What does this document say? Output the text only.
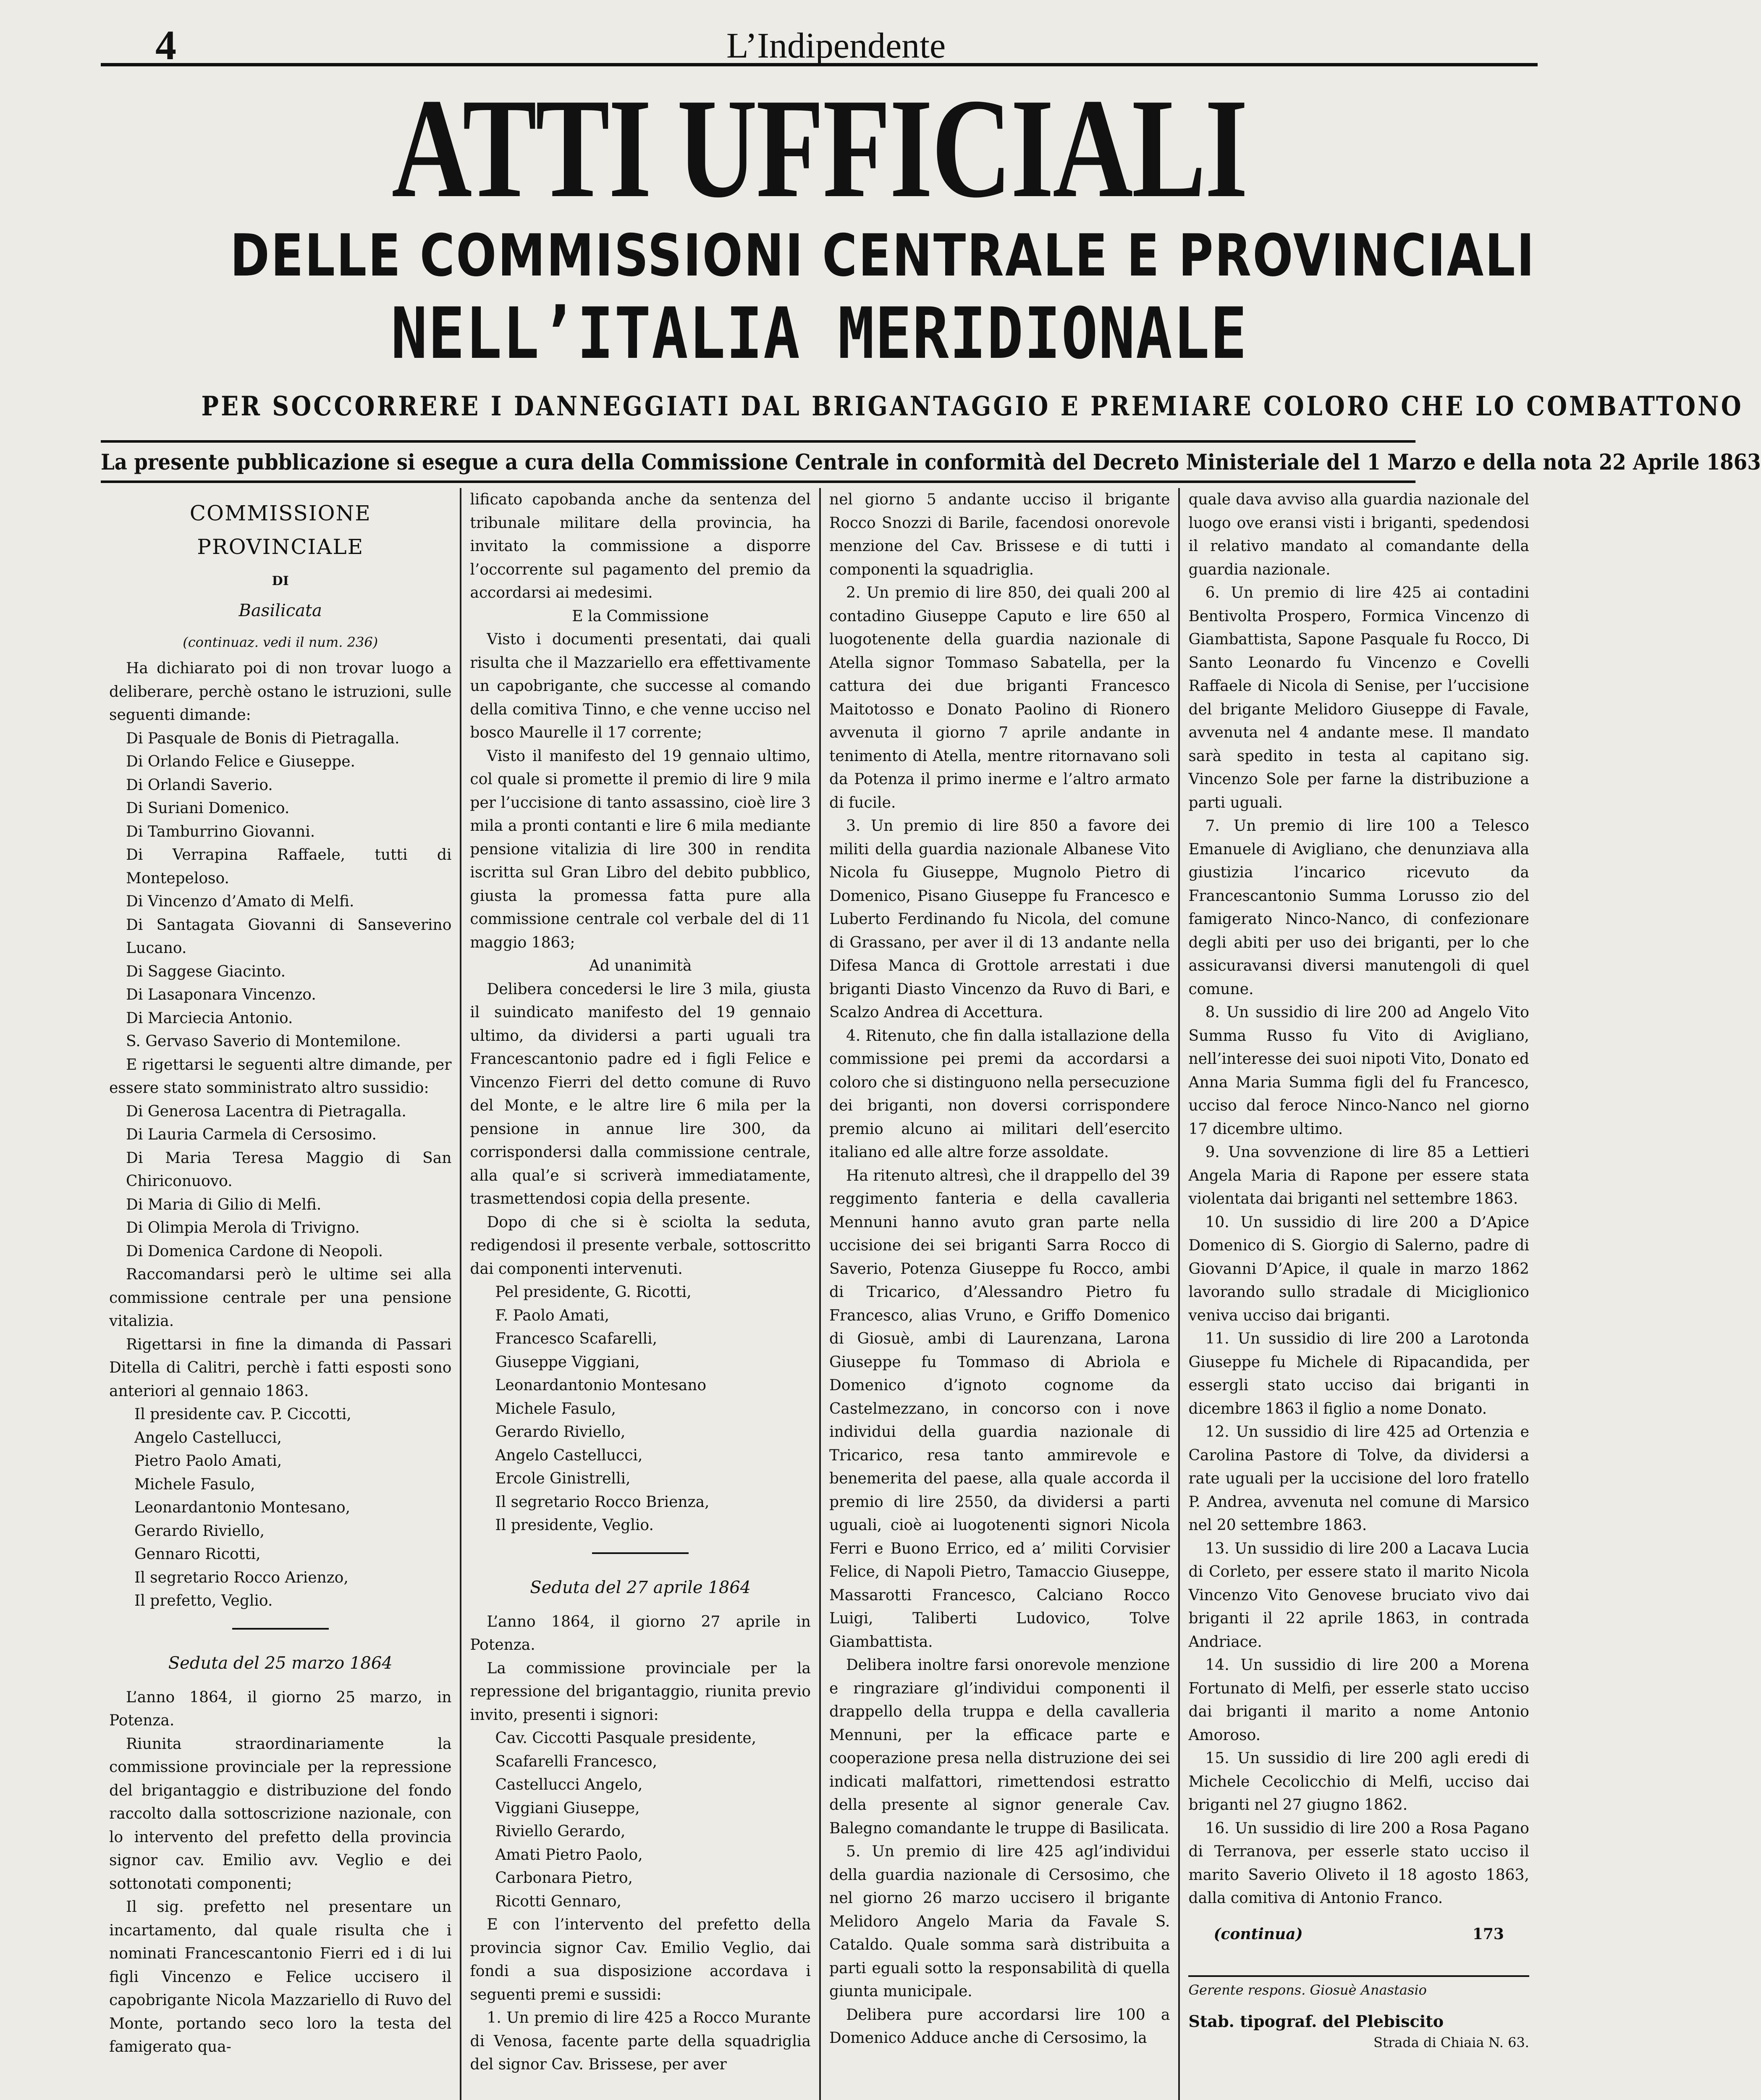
4	L’Indipendente
ATTI UFFICIALI
DELLE COMMISSIONI CENTRALE E PROVINCIALI
NELL’ITALIA MERIDIONALE
PER SOCCORRERE I DANNEGGIATI DAL BRIGANTAGGIO E PREMIARE COLORO CHE LO COMBATTONO
La presente pubblicazione si esegue a cura della Commissione Centrale in conformità del Decreto Ministeriale del 1 Marzo e della nota 22 Aprile 1863
COMMISSIONE PROVINCIALE
DI
Basilicata
(continuaz. vedi il num. 236)

Ha dichiarato poi di non trovar luogo a deliberare, perchè ostano le istruzioni, sulle seguenti dimande:

Di Pasquale de Bonis di Pietragalla.
Di Orlando Felice e Giuseppe.
Di Orlandi Saverio.
Di Suriani Domenico.
Di Tamburrino Giovanni.
Di Verrapina Raffaele, tutti di Montepeloso.
Di Vincenzo d’Amato di Melfi.
Di Santagata Giovanni di Sanseverino Lucano.
Di Saggese Giacinto.
Di Lasaponara Vincenzo.
Di Marciecia Antonio.
S. Gervaso Saverio di Montemilone.

E rigettarsi le seguenti altre dimande, per essere stato somministrato altro sussidio:

Di Generosa Lacentra di Pietragalla.
Di Lauria Carmela di Cersosimo.
Di Maria Teresa Maggio di San Chiriconuovo.
Di Maria di Gilio di Melfi.
Di Olimpia Merola di Trivigno.
Di Domenica Cardone di Neopoli.

Raccomandarsi però le ultime sei alla commissione centrale per una pensione vitalizia.

Rigettarsi in fine la dimanda di Passari Ditella di Calitri, perchè i fatti esposti sono anteriori al gennaio 1863.

Il presidente cav. P. Ciccotti,
Angelo Castellucci,
Pietro Paolo Amati,
Michele Fasulo,
Leonardantonio Montesano,
Gerardo Riviello,
Gennaro Ricotti,
Il segretario Rocco Arienzo,
Il prefetto, Veglio.
Seduta del 25 marzo 1864

L’anno 1864, il giorno 25 marzo, in Potenza.

Riunita straordinariamente la commissione provinciale per la repressione del brigantaggio e distribuzione del fondo raccolto dalla sottoscrizione nazionale, con lo intervento del prefetto della provincia signor cav. Emilio avv. Veglio e dei sottonotati componenti;

Il sig. prefetto nel presentare un incartamento, dal quale risulta che i nominati Francescantonio Fierri ed i di lui figli Vincenzo e Felice uccisero il capobrigante Nicola Mazzariello di Ruvo del Monte, portando seco loro la testa del famigerato qua-

lificato capobanda anche da sentenza del tribunale militare della provincia, ha invitato la commissione a disporre l’occorrente sul pagamento del premio da accordarsi ai medesimi.

E la Commissione

Visto i documenti presentati, dai quali risulta che il Mazzariello era effettivamente un capobrigante, che successe al comando della comitiva Tinno, e che venne ucciso nel bosco Maurelle il 17 corrente;

Visto il manifesto del 19 gennaio ultimo, col quale si promette il premio di lire 9 mila per l’uccisione di tanto assassino, cioè lire 3 mila a pronti contanti e lire 6 mila mediante pensione vitalizia di lire 300 in rendita iscritta sul Gran Libro del debito pubblico, giusta la promessa fatta pure alla commissione centrale col verbale del di 11 maggio 1863;

Ad unanimità

Delibera concedersi le lire 3 mila, giusta il suindicato manifesto del 19 gennaio ultimo, da dividersi a parti uguali tra Francescantonio padre ed i figli Felice e Vincenzo Fierri del detto comune di Ruvo del Monte, e le altre lire 6 mila per la pensione in annue lire 300, da corrispondersi dalla commissione centrale, alla qual’e si scriverà immediatamente, trasmettendosi copia della presente.

Dopo di che si è sciolta la seduta, redigendosi il presente verbale, sottoscritto dai componenti intervenuti.

Pel presidente, G. Ricotti,
F. Paolo Amati,
Francesco Scafarelli,
Giuseppe Viggiani,
Leonardantonio Montesano
Michele Fasulo,
Gerardo Riviello,
Angelo Castellucci,
Ercole Ginistrelli,
Il segretario Rocco Brienza,
Il presidente, Veglio.
Seduta del 27 aprile 1864

L’anno 1864, il giorno 27 aprile in Potenza.

La commissione provinciale per la repressione del brigantaggio, riunita previo invito, presenti i signori:

Cav. Ciccotti Pasquale presidente,
Scafarelli Francesco,
Castellucci Angelo,
Viggiani Giuseppe,
Riviello Gerardo,
Amati Pietro Paolo,
Carbonara Pietro,
Ricotti Gennaro,

E con l’intervento del prefetto della provincia signor Cav. Emilio Veglio, dai fondi a sua disposizione accordava i seguenti premi e sussidi:

1. Un premio di lire 425 a Rocco Murante di Venosa, facente parte della squadriglia del signor Cav. Brissese, per aver

nel giorno 5 andante ucciso il brigante Rocco Snozzi di Barile, facendosi onorevole menzione del Cav. Brissese e di tutti i componenti la squadriglia.

2. Un premio di lire 850, dei quali 200 al contadino Giuseppe Caputo e lire 650 al luogotenente della guardia nazionale di Atella signor Tommaso Sabatella, per la cattura dei due briganti Francesco Maitotosso e Donato Paolino di Rionero avvenuta il giorno 7 aprile andante in tenimento di Atella, mentre ritornavano soli da Potenza il primo inerme e l’altro armato di fucile.

3. Un premio di lire 850 a favore dei militi della guardia nazionale Albanese Vito Nicola fu Giuseppe, Mugnolo Pietro di Domenico, Pisano Giuseppe fu Francesco e Luberto Ferdinando fu Nicola, del comune di Grassano, per aver il di 13 andante nella Difesa Manca di Grottole arrestati i due briganti Diasto Vincenzo da Ruvo di Bari, e Scalzo Andrea di Accettura.

4. Ritenuto, che fin dalla istallazione della commissione pei premi da accordarsi a coloro che si distinguono nella persecuzione dei briganti, non doversi corrispondere premio alcuno ai militari dell’esercito italiano ed alle altre forze assoldate.

Ha ritenuto altresì, che il drappello del 39 reggimento fanteria e della cavalleria Mennuni hanno avuto gran parte nella uccisione dei sei briganti Sarra Rocco di Saverio, Potenza Giuseppe fu Rocco, ambi di Tricarico, d’Alessandro Pietro fu Francesco, alias Vruno, e Griffo Domenico di Giosuè, ambi di Laurenzana, Larona Giuseppe fu Tommaso di Abriola e Domenico d’ignoto cognome da Castelmezzano, in concorso con i nove individui della guardia nazionale di Tricarico, resa tanto ammirevole e benemerita del paese, alla quale accorda il premio di lire 2550, da dividersi a parti uguali, cioè ai luogotenenti signori Nicola Ferri e Buono Errico, ed a’ militi Corvisier Felice, di Napoli Pietro, Tamaccio Giuseppe, Massarotti Francesco, Calciano Rocco Luigi, Taliberti Ludovico, Tolve Giambattista.

Delibera inoltre farsi onorevole menzione e ringraziare gl’individui componenti il drappello della truppa e della cavalleria Mennuni, per la efficace parte e cooperazione presa nella distruzione dei sei indicati malfattori, rimettendosi estratto della presente al signor generale Cav. Balegno comandante le truppe di Basilicata.

5. Un premio di lire 425 agl’individui della guardia nazionale di Cersosimo, che nel giorno 26 marzo uccisero il brigante Melidoro Angelo Maria da Favale S. Cataldo. Quale somma sarà distribuita a parti eguali sotto la responsabilità di quella giunta municipale.

Delibera pure accordarsi lire 100 a Domenico Adduce anche di Cersosimo, la

quale dava avviso alla guardia nazionale del luogo ove eransi visti i briganti, spedendosi il relativo mandato al comandante della guardia nazionale.

6. Un premio di lire 425 ai contadini Bentivolta Prospero, Formica Vincenzo di Giambattista, Sapone Pasquale fu Rocco, Di Santo Leonardo fu Vincenzo e Covelli Raffaele di Nicola di Senise, per l’uccisione del brigante Melidoro Giuseppe di Favale, avvenuta nel 4 andante mese. Il mandato sarà spedito in testa al capitano sig. Vincenzo Sole per farne la distribuzione a parti uguali.

7. Un premio di lire 100 a Telesco Emanuele di Avigliano, che denunziava alla giustizia l’incarico ricevuto da Francescantonio Summa Lorusso zio del famigerato Ninco-Nanco, di confezionare degli abiti per uso dei briganti, per lo che assicuravansi diversi manutengoli di quel comune.

8. Un sussidio di lire 200 ad Angelo Vito Summa Russo fu Vito di Avigliano, nell’interesse dei suoi nipoti Vito, Donato ed Anna Maria Summa figli del fu Francesco, ucciso dal feroce Ninco-Nanco nel giorno 17 dicembre ultimo.

9. Una sovvenzione di lire 85 a Lettieri Angela Maria di Rapone per essere stata violentata dai briganti nel settembre 1863.

10. Un sussidio di lire 200 a D’Apice Domenico di S. Giorgio di Salerno, padre di Giovanni D’Apice, il quale in marzo 1862 lavorando sullo stradale di Miciglionico veniva ucciso dai briganti.

11. Un sussidio di lire 200 a Larotonda Giuseppe fu Michele di Ripacandida, per essergli stato ucciso dai briganti in dicembre 1863 il figlio a nome Donato.

12. Un sussidio di lire 425 ad Ortenzia e Carolina Pastore di Tolve, da dividersi a rate uguali per la uccisione del loro fratello P. Andrea, avvenuta nel comune di Marsico nel 20 settembre 1863.

13. Un sussidio di lire 200 a Lacava Lucia di Corleto, per essere stato il marito Nicola Vincenzo Vito Genovese bruciato vivo dai briganti il 22 aprile 1863, in contrada Andriace.

14. Un sussidio di lire 200 a Morena Fortunato di Melfi, per esserle stato ucciso dai briganti il marito a nome Antonio Amoroso.

15. Un sussidio di lire 200 agli eredi di Michele Cecolicchio di Melfi, ucciso dai briganti nel 27 giugno 1862.

16. Un sussidio di lire 200 a Rosa Pagano di Terranova, per esserle stato ucciso il marito Saverio Oliveto il 18 agosto 1863, dalla comitiva di Antonio Franco.

(continua)	173
Gerente respons. Giosuè Anastasio
Stab. tipograf. del Plebiscito
Strada di Chiaia N. 63.
